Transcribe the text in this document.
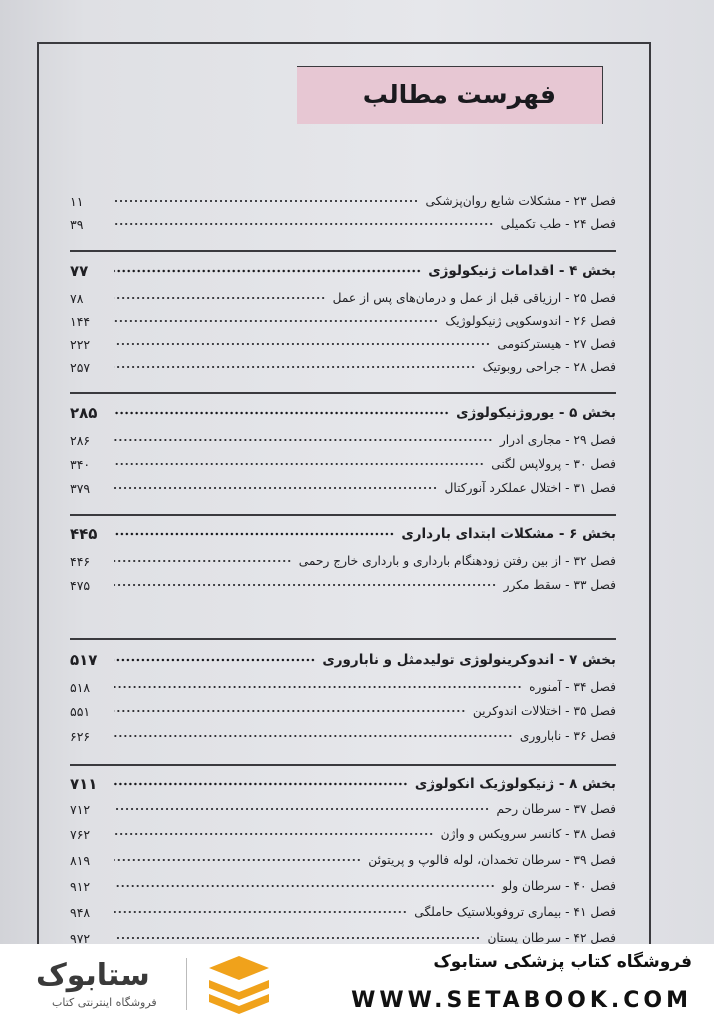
فهرست مطالب
فصل ۲۳ - مشکلات شایع روان‌پزشکی
۱۱
فصل ۲۴ - طب تکمیلی
۳۹
بخش ۴ - اقدامات ژنیکولوژی
۷۷
فصل ۲۵ - ارزیاقی قبل از عمل و درمان‌های پس از عمل
۷۸
فصل ۲۶ - اندوسکوپی ژنیکولوژیک
۱۴۴
فصل ۲۷ - هیسترکتومی
۲۲۲
فصل ۲۸ - جراحی روبوتیک
۲۵۷
بخش ۵ - یوروژنیکولوژی
۲۸۵
فصل ۲۹ - مجاری ادرار
۲۸۶
فصل ۳۰ - پرولاپس لگنی
۳۴۰
فصل ۳۱ - اختلال عملکرد آنورکتال
۳۷۹
بخش ۶ - مشکلات ابتدای بارداری
۴۴۵
فصل ۳۲ - از بین رفتن زودهنگام بارداری و بارداری خارج رحمی
۴۴۶
فصل ۳۳ - سقط مکرر
۴۷۵
بخش ۷ - اندوکرینولوژی تولیدمثل و ناباروری
۵۱۷
فصل ۳۴ - آمنوره
۵۱۸
فصل ۳۵ - اختلالات اندوکرین
۵۵۱
فصل ۳۶ - ناباروری
۶۲۶
بخش ۸ - ژنیکولوژیک انکولوژی
۷۱۱
فصل ۳۷ - سرطان رحم
۷۱۲
فصل ۳۸ - کانسر سرویکس و واژن
۷۶۲
فصل ۳۹ - سرطان تخمدان، لوله فالوپ و پریتوئن
۸۱۹
فصل ۴۰ - سرطان ولو
۹۱۲
فصل ۴۱ - بیماری تروفوبلاستیک حاملگی
۹۴۸
فصل ۴۲ - سرطان پستان
۹۷۲
فروشگاه کتاب پزشکی ستابوک
WWW.SETABOOK.COM
ستابوک
فروشگاه اینترنتی کتاب
